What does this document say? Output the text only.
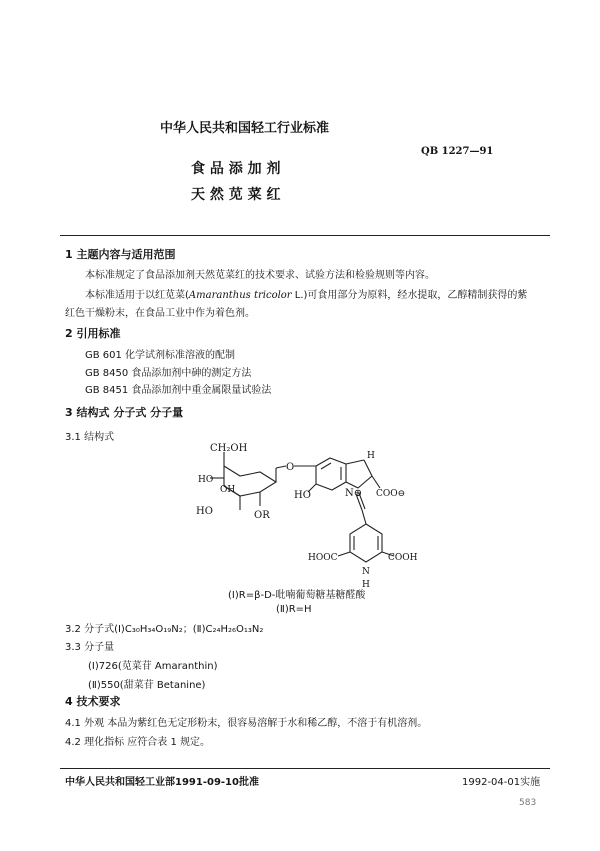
中华人民共和国轻工行业标准
QB 1227—91
食 品 添 加 剂
天 然 苋 菜 红
1 主题内容与适用范围
本标准规定了食品添加剂天然苋菜红的技术要求、试验方法和检验规则等内容。
本标准适用于以红苋菜(Amaranthus tricolor L.)可食用部分为原料，经水提取，乙醇精制获得的紫
红色干燥粉末，在食品工业中作为着色剂。
2 引用标准
GB 601 化学试剂标准溶液的配制
GB 8450 食品添加剂中砷的测定方法
GB 8451 食品添加剂中重金属限量试验法
3 结构式 分子式 分子量
3.1 结构式
CH₂OH
HO
OH
HO	OR
O
HO	N⊕
H
COO⊖
HOOC	COOH
N
H
(Ⅰ)R=β-D-吡喃葡萄糖基糖醛酸
(Ⅱ)R=H
3.2 分子式(Ⅰ)C₃₀H₃₄O₁₉N₂；(Ⅱ)C₂₄H₂₆O₁₃N₂
3.3 分子量
(Ⅰ)726(苋菜苷 Amaranthin)
(Ⅱ)550(甜菜苷 Betanine)
4 技术要求
4.1 外观 本品为紫红色无定形粉末，很容易溶解于水和稀乙醇，不溶于有机溶剂。
4.2 理化指标 应符合表 1 规定。
中华人民共和国轻工业部1991-09-10批准	1992-04-01实施
583
